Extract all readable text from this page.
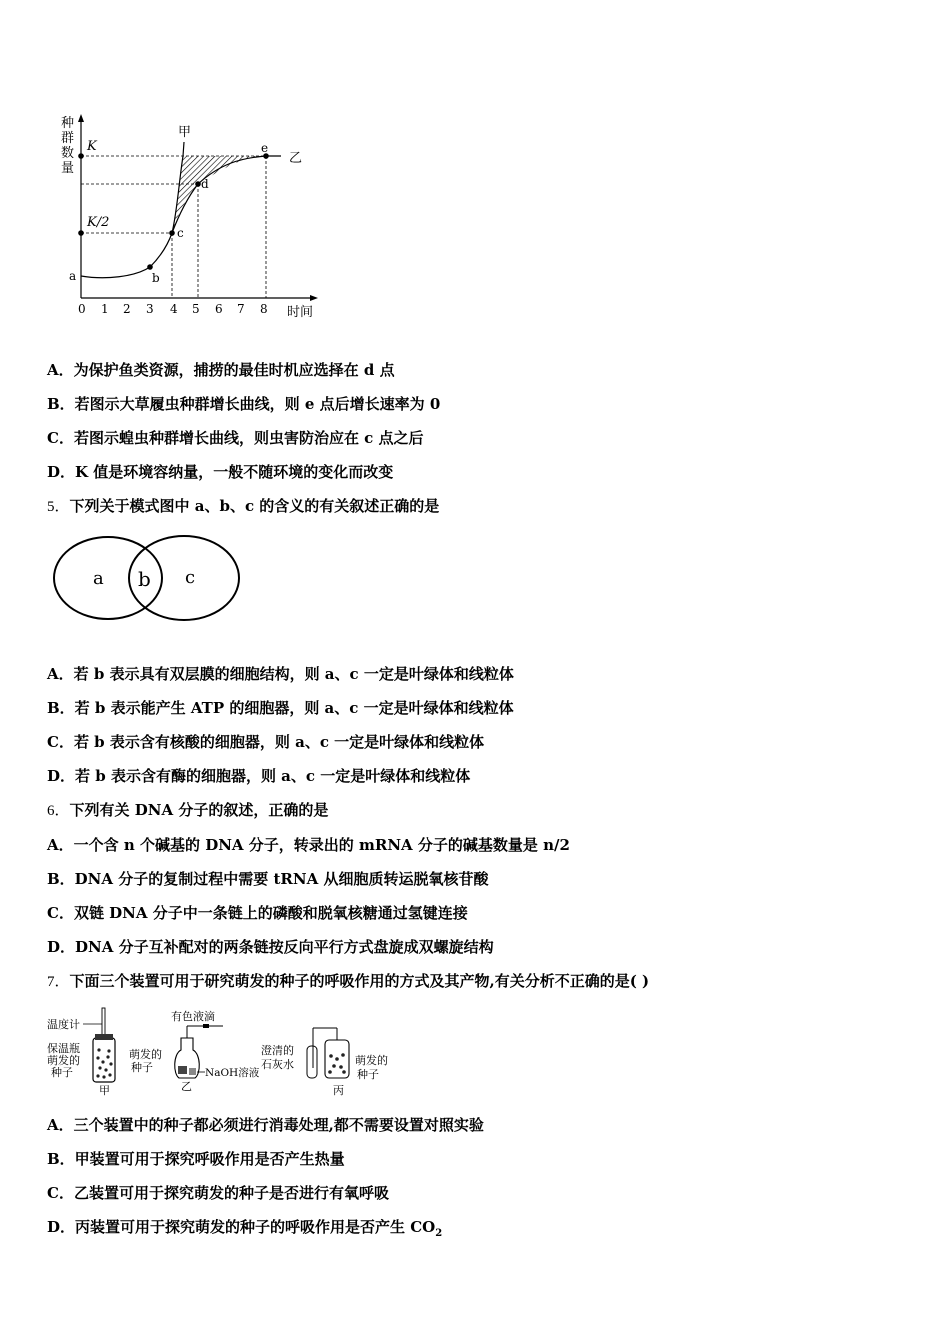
种
群
数
量
时间
0 1 2 3 4 5 6 7 8
K
K/2
甲
乙
a	b
c
d
e
A．为保护鱼类资源，捕捞的最佳时机应选择在 d 点
B．若图示大草履虫种群增长曲线，则 e 点后增长速率为 0
C．若图示蝗虫种群增长曲线，则虫害防治应在 c 点之后
D．K 值是环境容纳量，一般不随环境的变化而改变
5．下列关于模式图中 a、b、c 的含义的有关叙述正确的是
a b c
A．若 b 表示具有双层膜的细胞结构，则 a、c 一定是叶绿体和线粒体
B．若 b 表示能产生 ATP 的细胞器，则 a、c 一定是叶绿体和线粒体
C．若 b 表示含有核酸的细胞器，则 a、c 一定是叶绿体和线粒体
D．若 b 表示含有酶的细胞器，则 a、c 一定是叶绿体和线粒体
6．下列有关 DNA 分子的叙述，正确的是
A．一个含 n 个碱基的 DNA 分子，转录出的 mRNA 分子的碱基数量是 n/2
B．DNA 分子的复制过程中需要 tRNA 从细胞质转运脱氧核苷酸
C．双链 DNA 分子中一条链上的磷酸和脱氧核糖通过氢键连接
D．DNA 分子互补配对的两条链按反向平行方式盘旋成双螺旋结构
7．下面三个装置可用于研究萌发的种子的呼吸作用的方式及其产物,有关分析不正确的是( )
温度计
保温瓶
萌发的
种子
甲
有色液滴
萌发的
种子	NaOH溶液
乙
澄清的
石灰水	萌发的
种子
丙
A．三个装置中的种子都必须进行消毒处理,都不需要设置对照实验
B．甲装置可用于探究呼吸作用是否产生热量
C．乙装置可用于探究萌发的种子是否进行有氧呼吸
D．丙装置可用于探究萌发的种子的呼吸作用是否产生 $CO_2$
